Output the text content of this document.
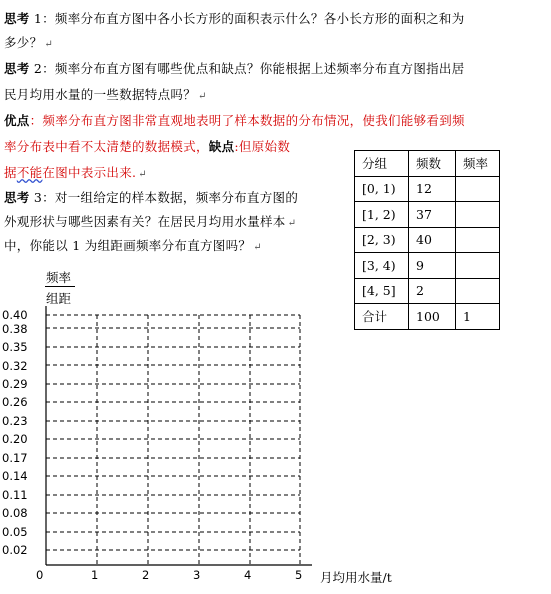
思考 1：频率分布直方图中各小长方形的面积表示什么？各小长方形的面积之和为
多少？ ↵
思考 2：频率分布直方图有哪些优点和缺点？你能根据上述频率分布直方图指出居
民月均用水量的一些数据特点吗？ ↵
优点：频率分布直方图非常直观地表明了样本数据的分布情况，使我们能够看到频
率分布表中看不太清楚的数据模式，缺点:但原始数
据不能在图中表示出来. ↵
思考 3：对一组给定的样本数据，频率分布直方图的
外观形状与哪些因素有关？在居民月均用水量样本 ↵
中，你能以 1 为组距画频率分布直方图吗？ ↵
分组	频数	频率
[0, 1)	12	
[1, 2)	37	
[2, 3)	40	
[3, 4)	9	
[4, 5]	2	
合计	100	1
频率
组距
0.40
0.38
0.35
0.32
0.29
0.26
0.23
0.20
0.17
0.14
0.11
0.08
0.05
0.02
0	1	2	3	4	5 月均用水量/t
